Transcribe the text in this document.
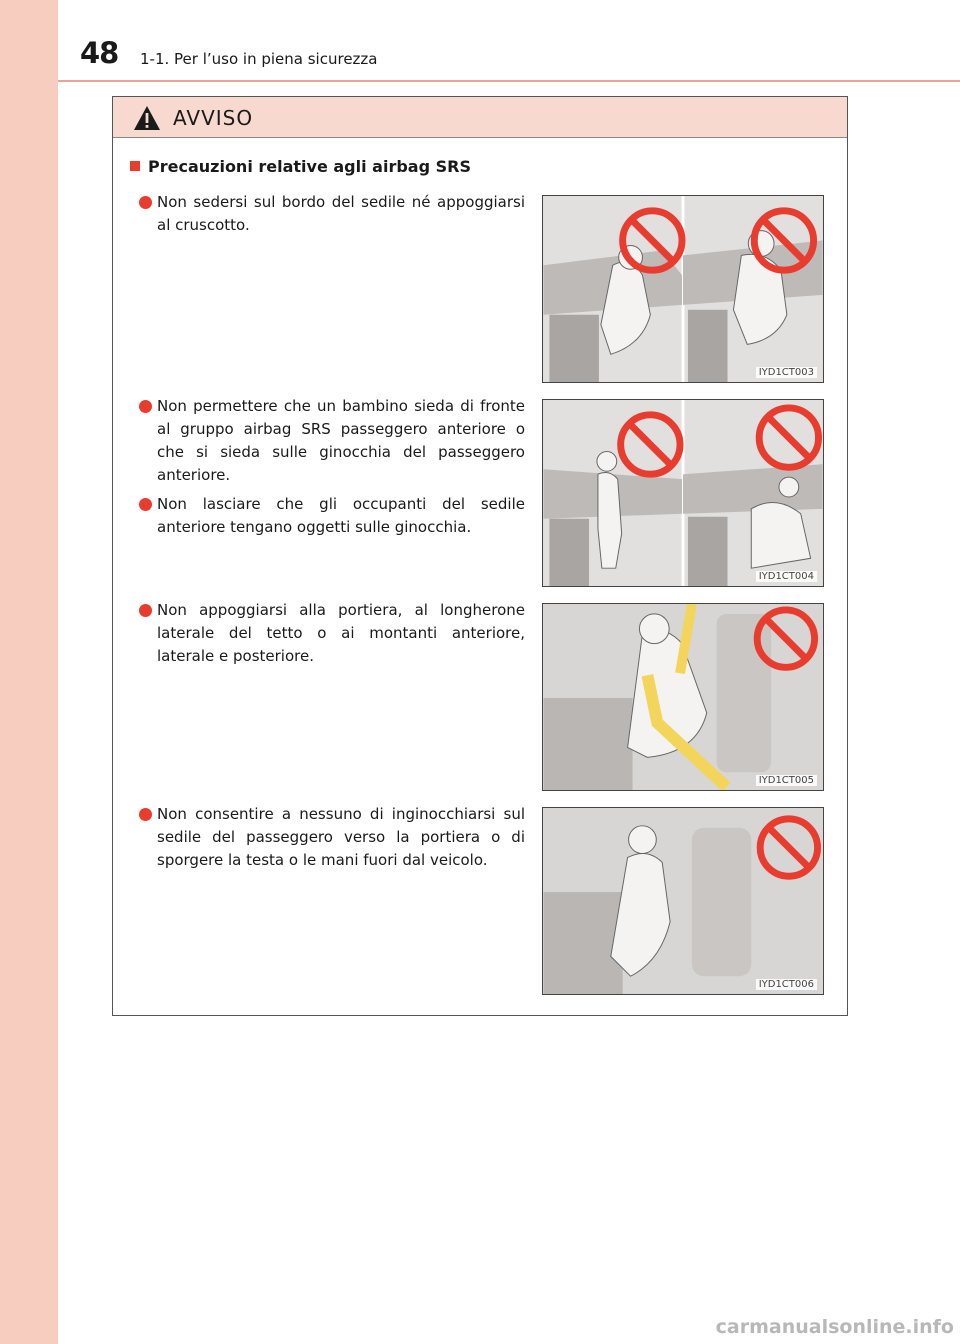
48 1-1. Per l’uso in piena sicurezza
AVVISO
Precauzioni relative agli airbag SRS
Non sedersi sul bordo del sedile né appoggiarsi al cruscotto.
Non permettere che un bambino sieda di fronte al gruppo airbag SRS passeggero anteriore o che si sieda sulle ginocchia del passeggero anteriore.
Non lasciare che gli occupanti del sedile anteriore tengano oggetti sulle ginocchia.
Non appoggiarsi alla portiera, al longherone laterale del tetto o ai montanti anteriore, laterale e posteriore.
Non consentire a nessuno di inginocchiarsi sul sedile del passeggero verso la portiera o di sporgere la testa o le mani fuori dal veicolo.
IYD1CT003
IYD1CT004
IYD1CT005
IYD1CT006
carmanualsonline.info
